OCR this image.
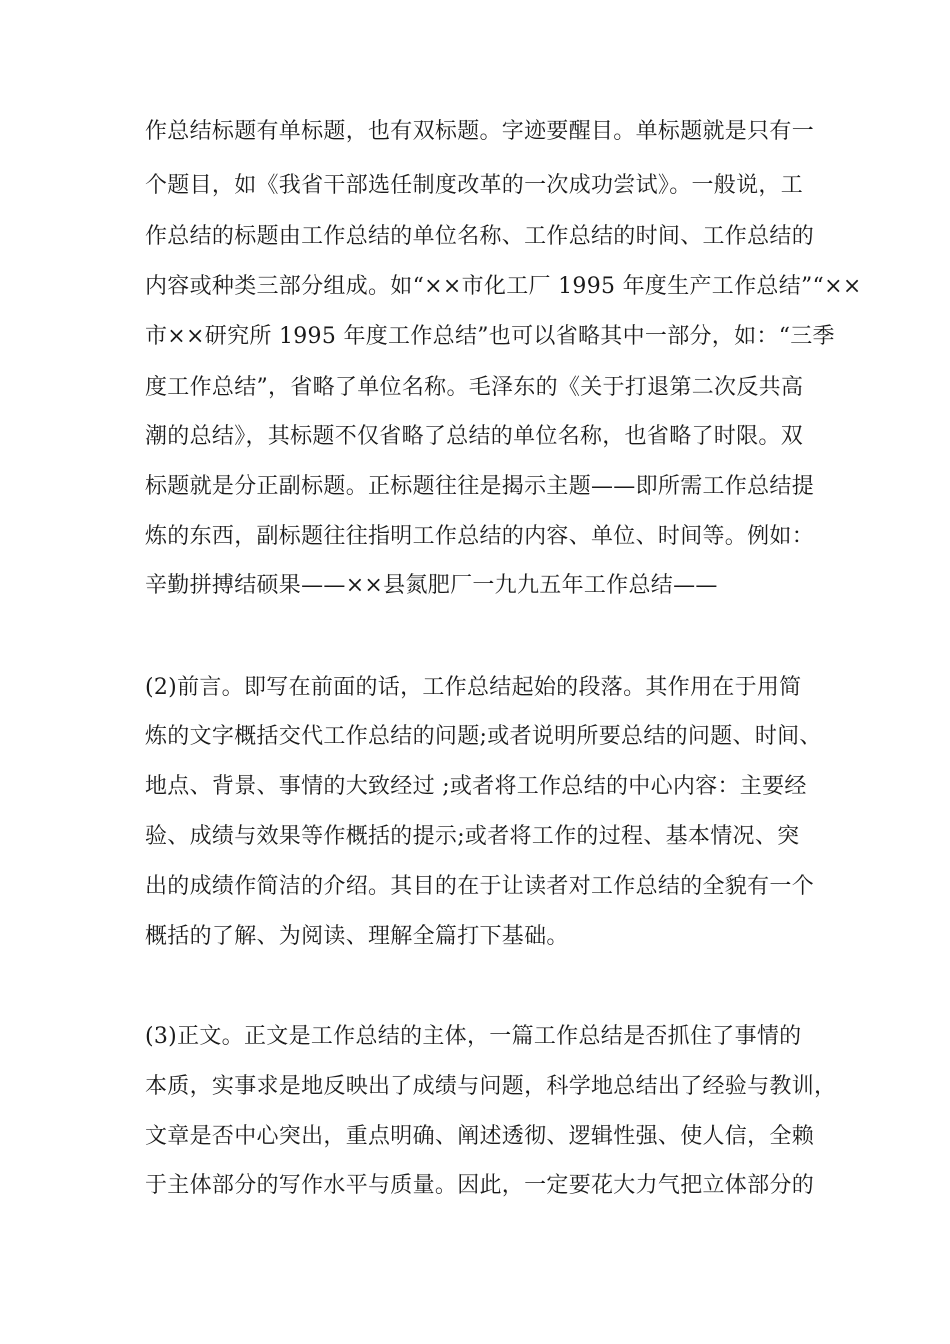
作总结标题有单标题，也有双标题。字迹要醒目。单标题就是只有一
个题目，如《我省干部选任制度改革的一次成功尝试》。一般说，工
作总结的标题由工作总结的单位名称、工作总结的时间、工作总结的
内容或种类三部分组成。如“××市化工厂 1995 年度生产工作总结”“××
市××研究所 1995 年度工作总结”也可以省略其中一部分，如：“三季
度工作总结”，省略了单位名称。毛泽东的《关于打退第二次反共高
潮的总结》，其标题不仅省略了总结的单位名称，也省略了时限。双
标题就是分正副标题。正标题往往是揭示主题——即所需工作总结提
炼的东西，副标题往往指明工作总结的内容、单位、时间等。例如：
辛勤拼搏结硕果——××县氮肥厂一九九五年工作总结——
(2)前言。即写在前面的话，工作总结起始的段落。其作用在于用简
炼的文字概括交代工作总结的问题;或者说明所要总结的问题、时间、
地点、背景、事情的大致经过 ;或者将工作总结的中心内容：主要经
验、成绩与效果等作概括的提示;或者将工作的过程、基本情况、突
出的成绩作简洁的介绍。其目的在于让读者对工作总结的全貌有一个
概括的了解、为阅读、理解全篇打下基础。
(3)正文。正文是工作总结的主体，一篇工作总结是否抓住了事情的
本质，实事求是地反映出了成绩与问题，科学地总结出了经验与教训，
文章是否中心突出，重点明确、阐述透彻、逻辑性强、使人信，全赖
于主体部分的写作水平与质量。因此，一定要花大力气把立体部分的
